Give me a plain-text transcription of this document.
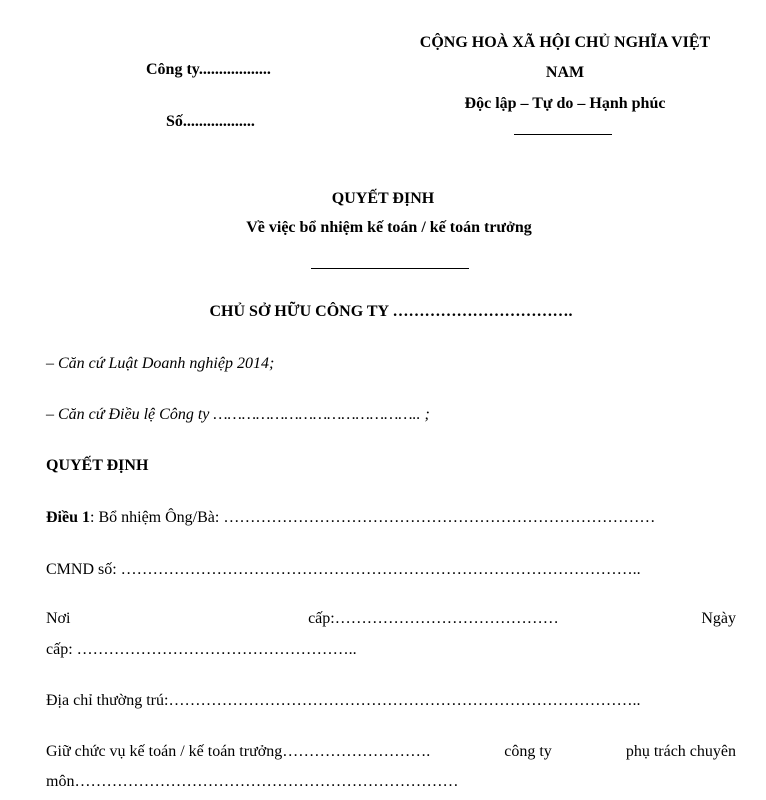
Công ty..................
Số..................
CỘNG HOÀ XÃ HỘI CHỦ NGHĨA VIỆT
NAM
Độc lập – Tự do – Hạnh phúc
QUYẾT ĐỊNH
Về việc bổ nhiệm kế toán / kế toán trưởng
CHỦ SỞ HỮU CÔNG TY …………………………….
– Căn cứ Luật Doanh nghiệp 2014;
– Căn cứ Điều lệ Công ty …………………………………….. ;
QUYẾT ĐỊNH
Điều 1: Bổ nhiệm Ông/Bà: ………………………………………………………………………
CMND số: ……………………………………………………………………………………..
Nơi	cấp:……………………………………	Ngày
cấp: ……………………………………………..
Địa chỉ thường trú:……………………………………………………………………………..
Giữ chức vụ kế toán / kế toán trưởng……………………….	công ty	phụ trách chuyên
môn………………………………………………………………
